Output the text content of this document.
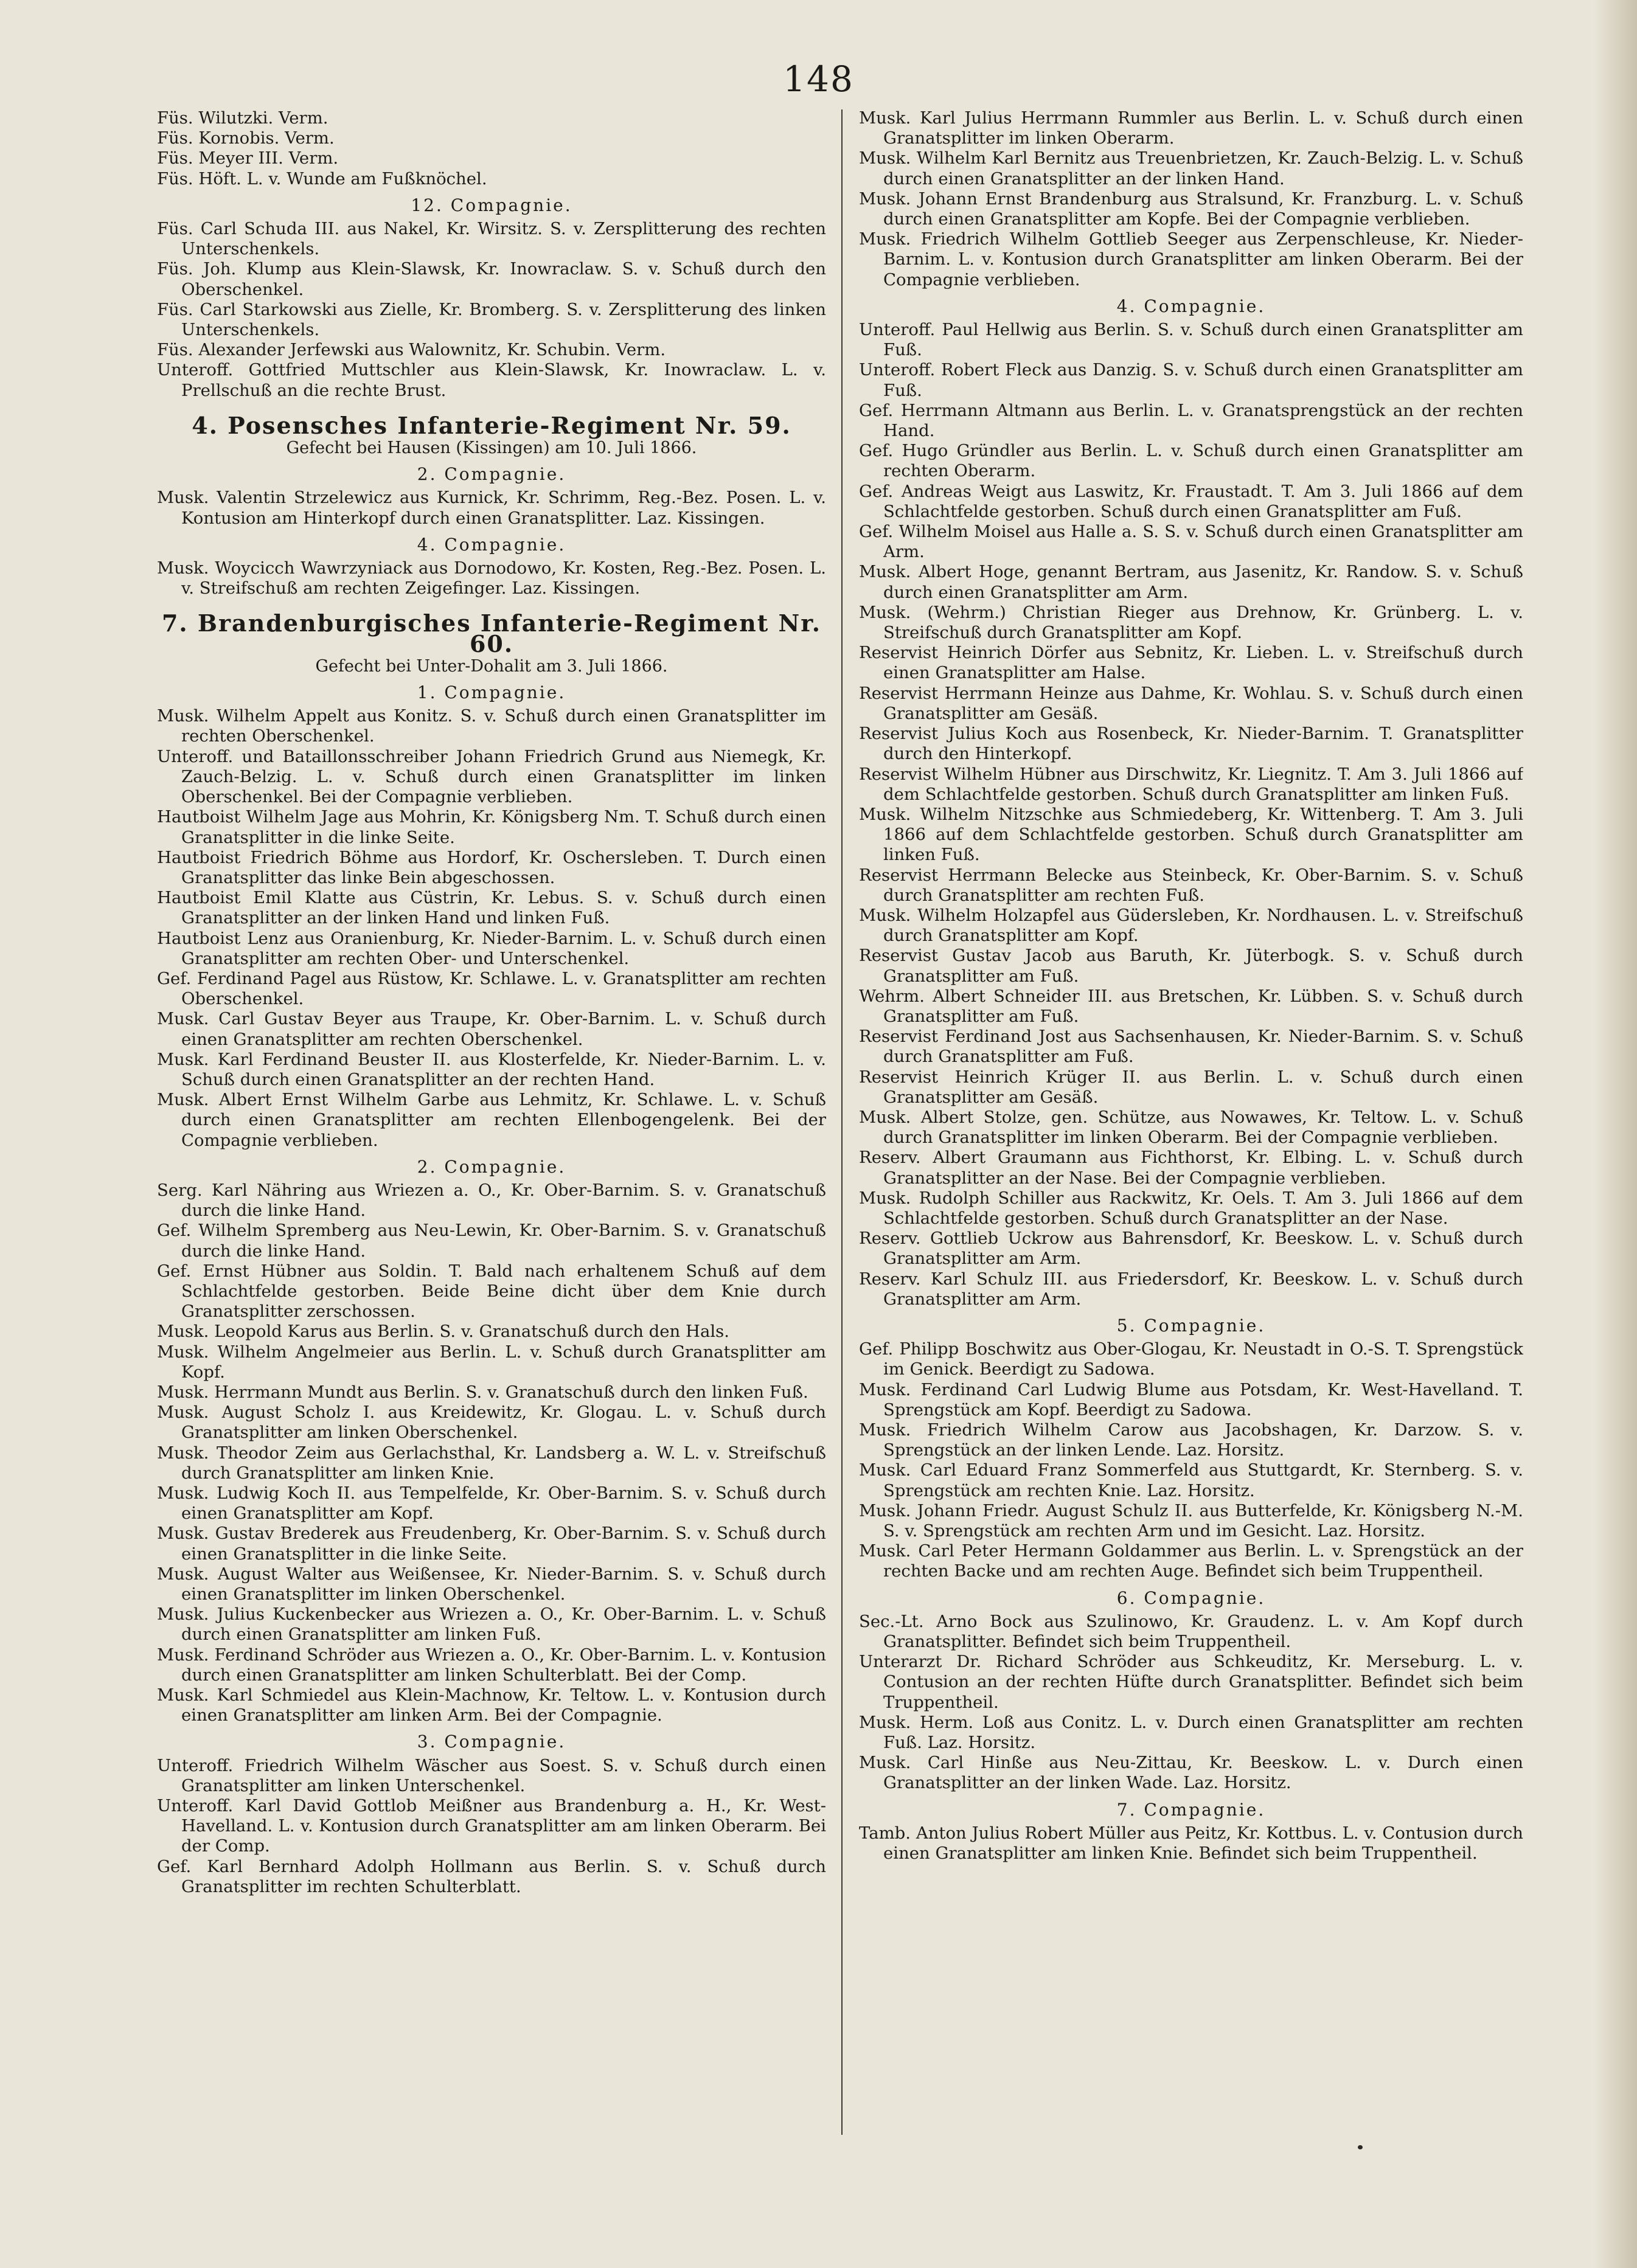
148

Füs. Wilutzki. Verm.

Füs. Kornobis. Verm.

Füs. Meyer III. Verm.

Füs. Höft. L. v. Wunde am Fußknöchel.

12. Compagnie.

Füs. Carl Schuda III. aus Nakel, Kr. Wirsitz. S. v. Zersplitterung des rechten Unterschenkels.

Füs. Joh. Klump aus Klein-Slawsk, Kr. Inowraclaw. S. v. Schuß durch den Oberschenkel.

Füs. Carl Starkowski aus Zielle, Kr. Bromberg. S. v. Zersplitterung des linken Unterschenkels.

Füs. Alexander Jerfewski aus Walownitz, Kr. Schubin. Verm.

Unteroff. Gottfried Muttschler aus Klein-Slawsk, Kr. Inowraclaw. L. v. Prellschuß an die rechte Brust.

4. Posensches Infanterie-Regiment Nr. 59.

Gefecht bei Hausen (Kissingen) am 10. Juli 1866.

2. Compagnie.

Musk. Valentin Strzelewicz aus Kurnick, Kr. Schrimm, Reg.-Bez. Posen. L. v. Kontusion am Hinterkopf durch einen Granatsplitter. Laz. Kissingen.

4. Compagnie.

Musk. Woycicch Wawrzyniack aus Dornodowo, Kr. Kosten, Reg.-Bez. Posen. L. v. Streifschuß am rechten Zeigefinger. Laz. Kissingen.

7. Brandenburgisches Infanterie-Regiment Nr. 60.

Gefecht bei Unter-Dohalit am 3. Juli 1866.

1. Compagnie.

Musk. Wilhelm Appelt aus Konitz. S. v. Schuß durch einen Granatsplitter im rechten Oberschenkel.

Unteroff. und Bataillonsschreiber Johann Friedrich Grund aus Niemegk, Kr. Zauch-Belzig. L. v. Schuß durch einen Granatsplitter im linken Oberschenkel. Bei der Compagnie verblieben.

Hautboist Wilhelm Jage aus Mohrin, Kr. Königsberg Nm. T. Schuß durch einen Granatsplitter in die linke Seite.

Hautboist Friedrich Böhme aus Hordorf, Kr. Oschersleben. T. Durch einen Granatsplitter das linke Bein abgeschossen.

Hautboist Emil Klatte aus Cüstrin, Kr. Lebus. S. v. Schuß durch einen Granatsplitter an der linken Hand und linken Fuß.

Hautboist Lenz aus Oranienburg, Kr. Nieder-Barnim. L. v. Schuß durch einen Granatsplitter am rechten Ober- und Unterschenkel.

Gef. Ferdinand Pagel aus Rüstow, Kr. Schlawe. L. v. Granatsplitter am rechten Oberschenkel.

Musk. Carl Gustav Beyer aus Traupe, Kr. Ober-Barnim. L. v. Schuß durch einen Granatsplitter am rechten Oberschenkel.

Musk. Karl Ferdinand Beuster II. aus Klosterfelde, Kr. Nieder-Barnim. L. v. Schuß durch einen Granatsplitter an der rechten Hand.

Musk. Albert Ernst Wilhelm Garbe aus Lehmitz, Kr. Schlawe. L. v. Schuß durch einen Granatsplitter am rechten Ellenbogengelenk. Bei der Compagnie verblieben.

2. Compagnie.

Serg. Karl Nähring aus Wriezen a. O., Kr. Ober-Barnim. S. v. Granatschuß durch die linke Hand.

Gef. Wilhelm Spremberg aus Neu-Lewin, Kr. Ober-Barnim. S. v. Granatschuß durch die linke Hand.

Gef. Ernst Hübner aus Soldin. T. Bald nach erhaltenem Schuß auf dem Schlachtfelde gestorben. Beide Beine dicht über dem Knie durch Granatsplitter zerschossen.

Musk. Leopold Karus aus Berlin. S. v. Granatschuß durch den Hals.

Musk. Wilhelm Angelmeier aus Berlin. L. v. Schuß durch Granatsplitter am Kopf.

Musk. Herrmann Mundt aus Berlin. S. v. Granatschuß durch den linken Fuß.

Musk. August Scholz I. aus Kreidewitz, Kr. Glogau. L. v. Schuß durch Granatsplitter am linken Oberschenkel.

Musk. Theodor Zeim aus Gerlachsthal, Kr. Landsberg a. W. L. v. Streifschuß durch Granatsplitter am linken Knie.

Musk. Ludwig Koch II. aus Tempelfelde, Kr. Ober-Barnim. S. v. Schuß durch einen Granatsplitter am Kopf.

Musk. Gustav Brederek aus Freudenberg, Kr. Ober-Barnim. S. v. Schuß durch einen Granatsplitter in die linke Seite.

Musk. August Walter aus Weißensee, Kr. Nieder-Barnim. S. v. Schuß durch einen Granatsplitter im linken Oberschenkel.

Musk. Julius Kuckenbecker aus Wriezen a. O., Kr. Ober-Barnim. L. v. Schuß durch einen Granatsplitter am linken Fuß.

Musk. Ferdinand Schröder aus Wriezen a. O., Kr. Ober-Barnim. L. v. Kontusion durch einen Granatsplitter am linken Schulterblatt. Bei der Comp.

Musk. Karl Schmiedel aus Klein-Machnow, Kr. Teltow. L. v. Kontusion durch einen Granatsplitter am linken Arm. Bei der Compagnie.

3. Compagnie.

Unteroff. Friedrich Wilhelm Wäscher aus Soest. S. v. Schuß durch einen Granatsplitter am linken Unterschenkel.

Unteroff. Karl David Gottlob Meißner aus Brandenburg a. H., Kr. West-Havelland. L. v. Kontusion durch Granatsplitter am am linken Oberarm. Bei der Comp.

Gef. Karl Bernhard Adolph Hollmann aus Berlin. S. v. Schuß durch Granatsplitter im rechten Schulterblatt.

Musk. Karl Julius Herrmann Rummler aus Berlin. L. v. Schuß durch einen Granatsplitter im linken Oberarm.

Musk. Wilhelm Karl Bernitz aus Treuenbrietzen, Kr. Zauch-Belzig. L. v. Schuß durch einen Granatsplitter an der linken Hand.

Musk. Johann Ernst Brandenburg aus Stralsund, Kr. Franzburg. L. v. Schuß durch einen Granatsplitter am Kopfe. Bei der Compagnie verblieben.

Musk. Friedrich Wilhelm Gottlieb Seeger aus Zerpenschleuse, Kr. Nieder-Barnim. L. v. Kontusion durch Granatsplitter am linken Oberarm. Bei der Compagnie verblieben.

4. Compagnie.

Unteroff. Paul Hellwig aus Berlin. S. v. Schuß durch einen Granatsplitter am Fuß.

Unteroff. Robert Fleck aus Danzig. S. v. Schuß durch einen Granatsplitter am Fuß.

Gef. Herrmann Altmann aus Berlin. L. v. Granatsprengstück an der rechten Hand.

Gef. Hugo Gründler aus Berlin. L. v. Schuß durch einen Granatsplitter am rechten Oberarm.

Gef. Andreas Weigt aus Laswitz, Kr. Fraustadt. T. Am 3. Juli 1866 auf dem Schlachtfelde gestorben. Schuß durch einen Granatsplitter am Fuß.

Gef. Wilhelm Moisel aus Halle a. S. S. v. Schuß durch einen Granatsplitter am Arm.

Musk. Albert Hoge, genannt Bertram, aus Jasenitz, Kr. Randow. S. v. Schuß durch einen Granatsplitter am Arm.

Musk. (Wehrm.) Christian Rieger aus Drehnow, Kr. Grünberg. L. v. Streifschuß durch Granatsplitter am Kopf.

Reservist Heinrich Dörfer aus Sebnitz, Kr. Lieben. L. v. Streifschuß durch einen Granatsplitter am Halse.

Reservist Herrmann Heinze aus Dahme, Kr. Wohlau. S. v. Schuß durch einen Granatsplitter am Gesäß.

Reservist Julius Koch aus Rosenbeck, Kr. Nieder-Barnim. T. Granatsplitter durch den Hinterkopf.

Reservist Wilhelm Hübner aus Dirschwitz, Kr. Liegnitz. T. Am 3. Juli 1866 auf dem Schlachtfelde gestorben. Schuß durch Granatsplitter am linken Fuß.

Musk. Wilhelm Nitzschke aus Schmiedeberg, Kr. Wittenberg. T. Am 3. Juli 1866 auf dem Schlachtfelde gestorben. Schuß durch Granatsplitter am linken Fuß.

Reservist Herrmann Belecke aus Steinbeck, Kr. Ober-Barnim. S. v. Schuß durch Granatsplitter am rechten Fuß.

Musk. Wilhelm Holzapfel aus Güdersleben, Kr. Nordhausen. L. v. Streifschuß durch Granatsplitter am Kopf.

Reservist Gustav Jacob aus Baruth, Kr. Jüterbogk. S. v. Schuß durch Granatsplitter am Fuß.

Wehrm. Albert Schneider III. aus Bretschen, Kr. Lübben. S. v. Schuß durch Granatsplitter am Fuß.

Reservist Ferdinand Jost aus Sachsenhausen, Kr. Nieder-Barnim. S. v. Schuß durch Granatsplitter am Fuß.

Reservist Heinrich Krüger II. aus Berlin. L. v. Schuß durch einen Granatsplitter am Gesäß.

Musk. Albert Stolze, gen. Schütze, aus Nowawes, Kr. Teltow. L. v. Schuß durch Granatsplitter im linken Oberarm. Bei der Compagnie verblieben.

Reserv. Albert Graumann aus Fichthorst, Kr. Elbing. L. v. Schuß durch Granatsplitter an der Nase. Bei der Compagnie verblieben.

Musk. Rudolph Schiller aus Rackwitz, Kr. Oels. T. Am 3. Juli 1866 auf dem Schlachtfelde gestorben. Schuß durch Granatsplitter an der Nase.

Reserv. Gottlieb Uckrow aus Bahrensdorf, Kr. Beeskow. L. v. Schuß durch Granatsplitter am Arm.

Reserv. Karl Schulz III. aus Friedersdorf, Kr. Beeskow. L. v. Schuß durch Granatsplitter am Arm.

5. Compagnie.

Gef. Philipp Boschwitz aus Ober-Glogau, Kr. Neustadt in O.-S. T. Sprengstück im Genick. Beerdigt zu Sadowa.

Musk. Ferdinand Carl Ludwig Blume aus Potsdam, Kr. West-Havelland. T. Sprengstück am Kopf. Beerdigt zu Sadowa.

Musk. Friedrich Wilhelm Carow aus Jacobshagen, Kr. Darzow. S. v. Sprengstück an der linken Lende. Laz. Horsitz.

Musk. Carl Eduard Franz Sommerfeld aus Stuttgardt, Kr. Sternberg. S. v. Sprengstück am rechten Knie. Laz. Horsitz.

Musk. Johann Friedr. August Schulz II. aus Butterfelde, Kr. Königsberg N.-M. S. v. Sprengstück am rechten Arm und im Gesicht. Laz. Horsitz.

Musk. Carl Peter Hermann Goldammer aus Berlin. L. v. Sprengstück an der rechten Backe und am rechten Auge. Befindet sich beim Truppentheil.

6. Compagnie.

Sec.-Lt. Arno Bock aus Szulinowo, Kr. Graudenz. L. v. Am Kopf durch Granatsplitter. Befindet sich beim Truppentheil.

Unterarzt Dr. Richard Schröder aus Schkeuditz, Kr. Merseburg. L. v. Contusion an der rechten Hüfte durch Granatsplitter. Befindet sich beim Truppentheil.

Musk. Herm. Loß aus Conitz. L. v. Durch einen Granatsplitter am rechten Fuß. Laz. Horsitz.

Musk. Carl Hinße aus Neu-Zittau, Kr. Beeskow. L. v. Durch einen Granatsplitter an der linken Wade. Laz. Horsitz.

7. Compagnie.

Tamb. Anton Julius Robert Müller aus Peitz, Kr. Kottbus. L. v. Contusion durch einen Granatsplitter am linken Knie. Befindet sich beim Truppentheil.
